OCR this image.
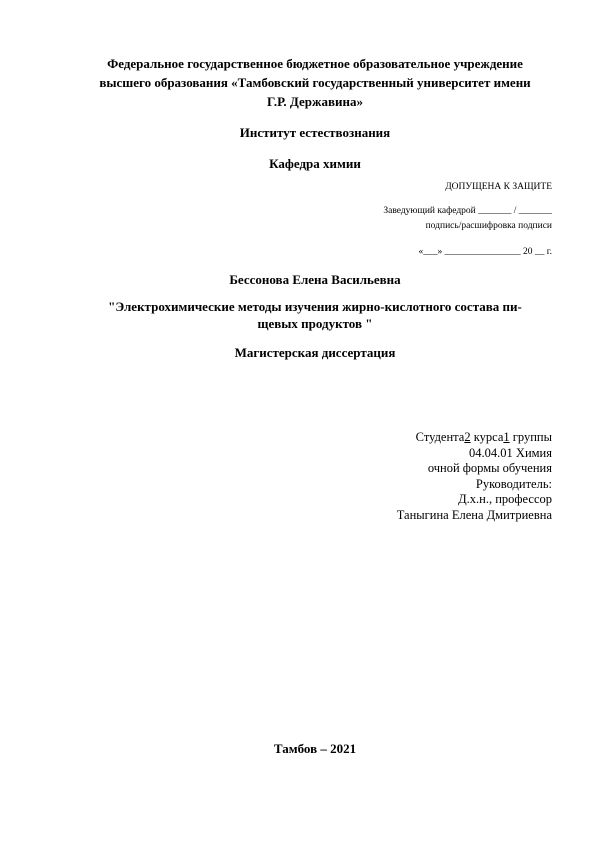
Федеральное государственное бюджетное образовательное учреждение

высшего образования «Тамбовский государственный университет имени

Г.Р. Державина»

Институт естествознания

Кафедра химии

ДОПУЩЕНА К ЗАЩИТЕ

Заведующий кафедрой _______ / _______

подпись/расшифровка подписи

«___» ________________ 20 __ г.

Бессонова Елена Васильевна

"Электрохимические методы изучения жирно-кислотного состава пи-

щевых продуктов "

Магистерская диссертация

Студента2 курса1 группы
04.04.01 Химия
очной формы обучения
Руководитель:
Д.х.н., профессор
Таныгина Елена Дмитриевна

Тамбов – 2021
